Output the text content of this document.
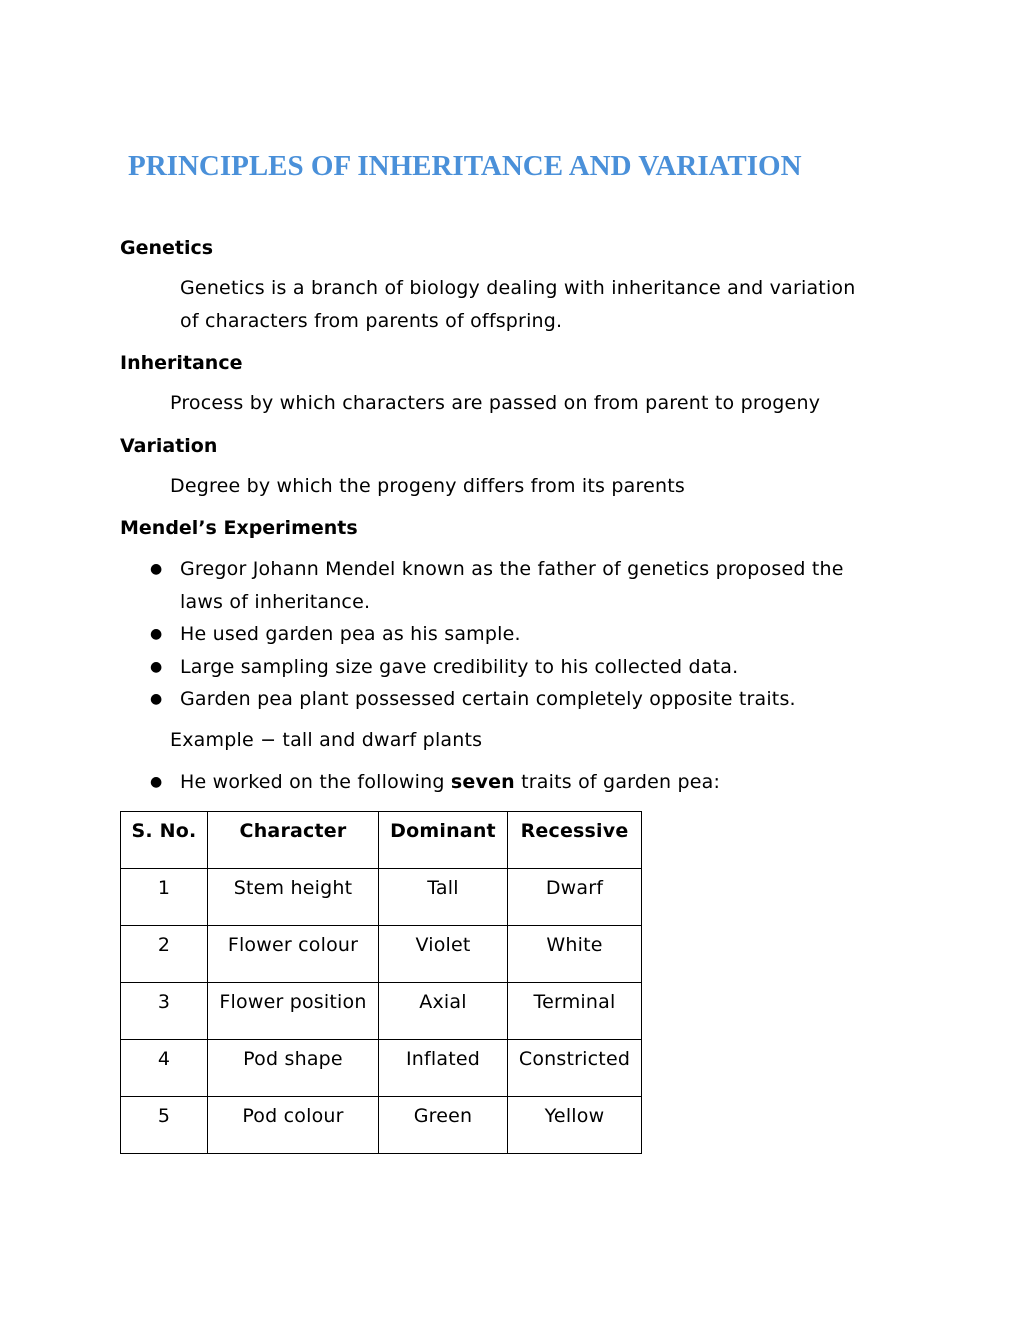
PRINCIPLES OF INHERITANCE AND VARIATION
Genetics

Genetics is a branch of biology dealing with inheritance and variation

of characters from parents of offspring.

Inheritance

Process by which characters are passed on from parent to progeny

Variation

Degree by which the progeny differs from its parents

Mendel’s Experiments
● Gregor Johann Mendel known as the father of genetics proposed the
laws of inheritance.
● He used garden pea as his sample.
● Large sampling size gave credibility to his collected data.
● Garden pea plant possessed certain completely opposite traits.

Example − tall and dwarf plants

● He worked on the following seven traits of garden pea:
S. No.	Character	Dominant	Recessive
1	Stem height	Tall	Dwarf
2	Flower colour	Violet	White
3	Flower position	Axial	Terminal
4	Pod shape	Inflated	Constricted
5	Pod colour	Green	Yellow
